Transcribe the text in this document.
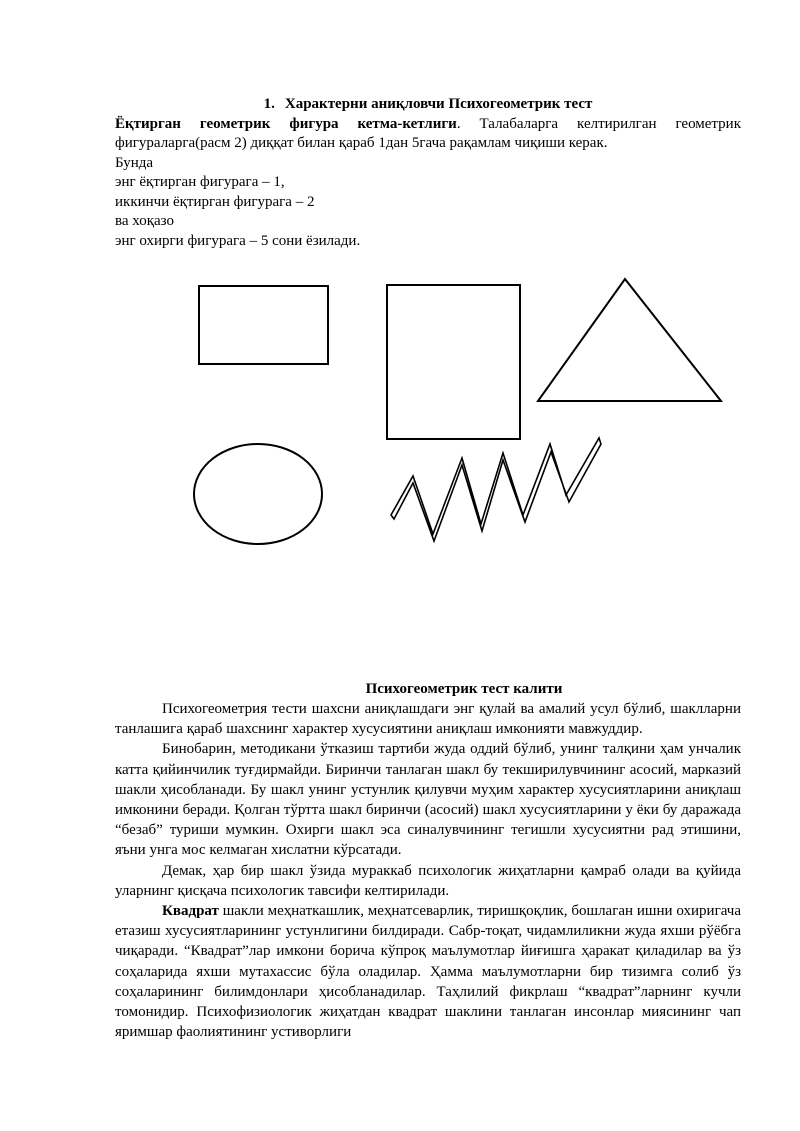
1. Характерни аниқловчи Психогеометрик тест
Ёқтирган геометрик фигура кетма-кетлиги. Талабаларга келтирилган геометрик фигураларга(расм 2) диққат билан қараб 1дан 5гача рақамлам чиқиши керак.
Бунда
энг ёқтирган фигурага – 1,
иккинчи ёқтирган фигурага – 2
ва хоқазо
энг охирги фигурага – 5 сони ёзилади.
Психогеометрик тест калити

Психогеометрия тести шахсни аниқлашдаги энг қулай ва амалий усул бўлиб, шаклларни танлашига қараб шахснинг характер хусусиятини аниқлаш имконияти мавжуддир.

Бинобарин, методикани ўтказиш тартиби жуда оддий бўлиб, унинг талқини ҳам унчалик катта қийинчилик туғдирмайди. Биринчи танлаган шакл бу текширилувчининг асосий, марказий шакли ҳисобланади. Бу шакл унинг устунлик қилувчи муҳим характер хусусиятларини аниқлаш имконини беради. Қолган тўртта шакл биринчи (асосий) шакл хусусиятларини у ёки бу даражада “безаб” туриши мумкин. Охирги шакл эса синалувчининг тегишли хусусиятни рад этишини, яъни унга мос келмаган хислатни кўрсатади.

Демак, ҳар бир шакл ўзида мураккаб психологик жиҳатларни қамраб олади ва қуйида уларнинг қисқача психологик тавсифи келтирилади.

Квадрат шакли меҳнаткашлик, меҳнатсеварлик, тиришқоқлик, бошлаган ишни охиригача етазиш хусусиятларининг устунлигини билдиради. Сабр-тоқат, чидамлиликни жуда яхши рўёбга чиқаради. “Квадрат”лар имкони борича кўпроқ маълумотлар йиғишга ҳаракат қиладилар ва ўз соҳаларида яхши мутахассис бўла оладилар. Ҳамма маълумотларни бир тизимга солиб ўз соҳаларининг билимдонлари ҳисобланадилар. Таҳлилий фикрлаш “квадрат”ларнинг кучли томонидир. Психофизиологик жиҳатдан квадрат шаклини танлаган инсонлар миясининг чап яримшар фаолиятининг устиворлиги
